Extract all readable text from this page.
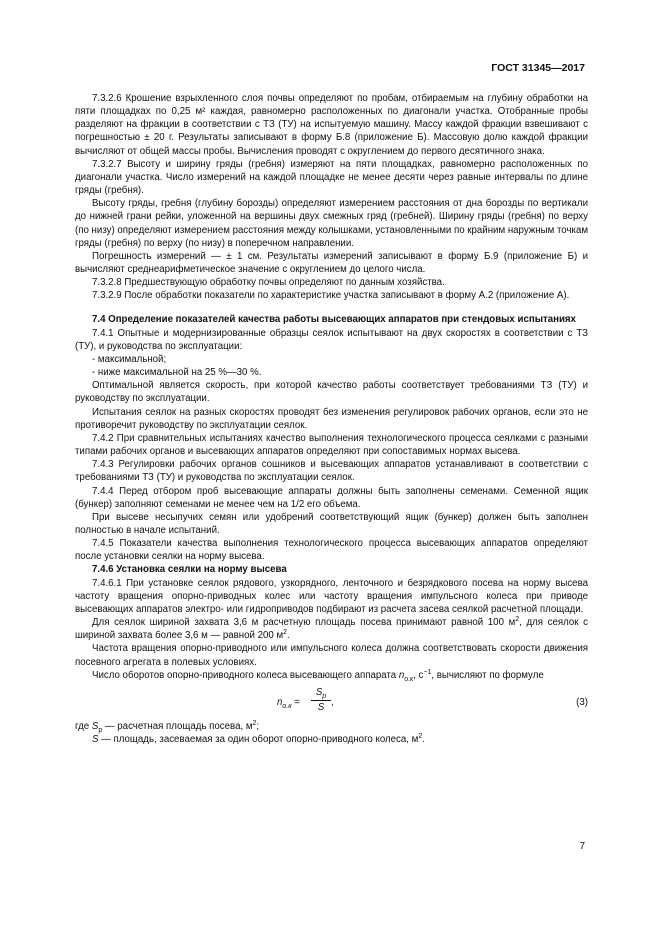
ГОСТ 31345—2017

7.3.2.6 Крошение взрыхленного слоя почвы определяют по пробам, отбираемым на глубину обработки на пяти площадках по 0,25 м² каждая, равномерно расположенных по диагонали участка. Отобранные пробы разделяют на фракции в соответствии с ТЗ (ТУ) на испытуемую машину. Массу каждой фракции взвешивают с погрешностью ± 20 г. Результаты записывают в форму Б.8 (приложение Б). Массовую долю каждой фракции вычисляют от общей массы пробы. Вычисления проводят с округлением до первого десятичного знака.

7.3.2.7 Высоту и ширину гряды (гребня) измеряют на пяти площадках, равномерно расположенных по диагонали участка. Число измерений на каждой площадке не менее десяти через равные интервалы по длине гряды (гребня).

Высоту гряды, гребня (глубину борозды) определяют измерением расстояния от дна борозды по вертикали до нижней грани рейки, уложенной на вершины двух смежных гряд (гребней). Ширину гряды (гребня) по верху (по низу) определяют измерением расстояния между колышками, установленными по крайним наружным точкам гряды (гребня) по верху (по низу) в поперечном направлении.

Погрешность измерений — ± 1 см. Результаты измерений записывают в форму Б.9 (приложение Б) и вычисляют среднеарифметическое значение с округлением до целого числа.

7.3.2.8 Предшествующую обработку почвы определяют по данным хозяйства.

7.3.2.9 После обработки показатели по характеристике участка записывают в форму А.2 (приложение А).

7.4 Определение показателей качества работы высевающих аппаратов при стендовых испытаниях

7.4.1 Опытные и модернизированные образцы сеялок испытывают на двух скоростях в соответствии с ТЗ (ТУ), и руководства по эксплуатации:

- максимальной;

- ниже максимальной на 25 %—30 %.

Оптимальной является скорость, при которой качество работы соответствует требованиями ТЗ (ТУ) и руководству по эксплуатации.

Испытания сеялок на разных скоростях проводят без изменения регулировок рабочих органов, если это не противоречит руководству по эксплуатации сеялок.

7.4.2 При сравнительных испытаниях качество выполнения технологического процесса сеялками с разными типами рабочих органов и высевающих аппаратов определяют при сопоставимых нормах высева.

7.4.3 Регулировки рабочих органов сошников и высевающих аппаратов устанавливают в соответствии с требованиями ТЗ (ТУ) и руководства по эксплуатации сеялок.

7.4.4 Перед отбором проб высевающие аппараты должны быть заполнены семенами. Семенной ящик (бункер) заполняют семенами не менее чем на 1/2 его объема.

При высеве несыпучих семян или удобрений соответствующий ящик (бункер) должен быть заполнен полностью в начале испытаний.

7.4.5 Показатели качества выполнения технологического процесса высевающих аппаратов определяют после установки сеялки на норму высева.

7.4.6 Установка сеялки на норму высева

7.4.6.1 При установке сеялок рядового, узкорядного, ленточного и безрядкового посева на норму высева частоту вращения опорно-приводных колес или частоту вращения импульсного колеса при приводе высевающих аппаратов электро- или гидроприводов подбирают из расчета засева сеялкой расчетной площади.

Для сеялок шириной захвата 3,6 м расчетную площадь посева принимают равной 100 $м^2$, для сеялок с шириной захвата более 3,6 м — равной 200 $м^2$.

Частота вращения опорно-приводного или импульсного колеса должна соответствовать скорости движения посевного агрегата в полевых условиях.

Число оборотов опорно-приводного колеса высевающего аппарата $n_{о.к}$, $с^{-1}$, вычисляют по формуле

$n_{о.к}$ =
$S_р$
S ,	(3)

где $S_р$ — расчетная площадь посева, $м^2$;

S — площадь, засеваемая за один оборот опорно-приводного колеса, $м^2$.

7
